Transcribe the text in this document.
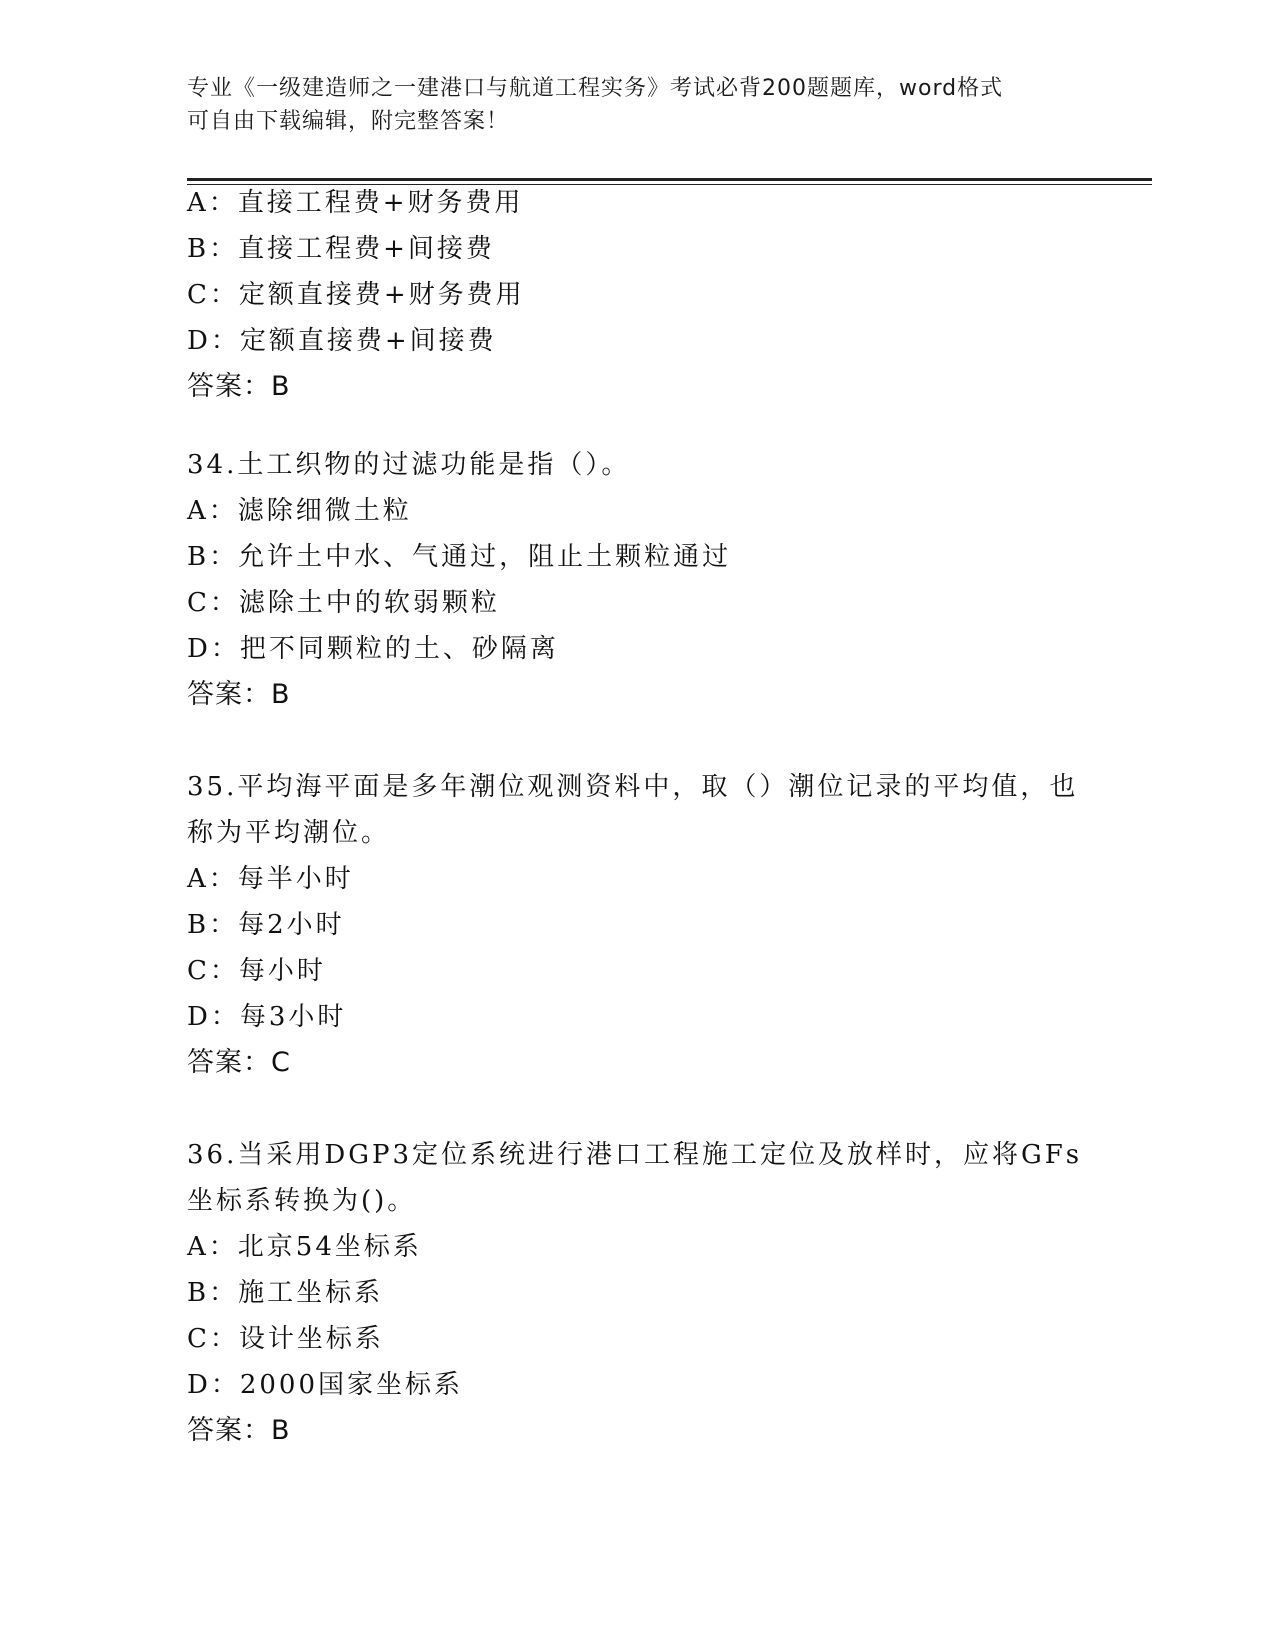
专业《一级建造师之一建港口与航道工程实务》考试必背200题题库，word格式
可自由下载编辑，附完整答案！
A：直接工程费+财务费用
B：直接工程费+间接费
C：定额直接费+财务费用
D：定额直接费+间接费
答案：B
34.土工织物的过滤功能是指（）。
A：滤除细微土粒
B：允许土中水、气通过，阻止土颗粒通过
C：滤除土中的软弱颗粒
D：把不同颗粒的土、砂隔离
答案：B
35.平均海平面是多年潮位观测资料中，取（）潮位记录的平均值，也称为平均潮位。
A：每半小时
B：每2小时
C：每小时
D：每3小时
答案：C
36.当采用DGP3定位系统进行港口工程施工定位及放样时，应将GFs坐标系转换为()。
A：北京54坐标系
B：施工坐标系
C：设计坐标系
D：2000国家坐标系
答案：B
